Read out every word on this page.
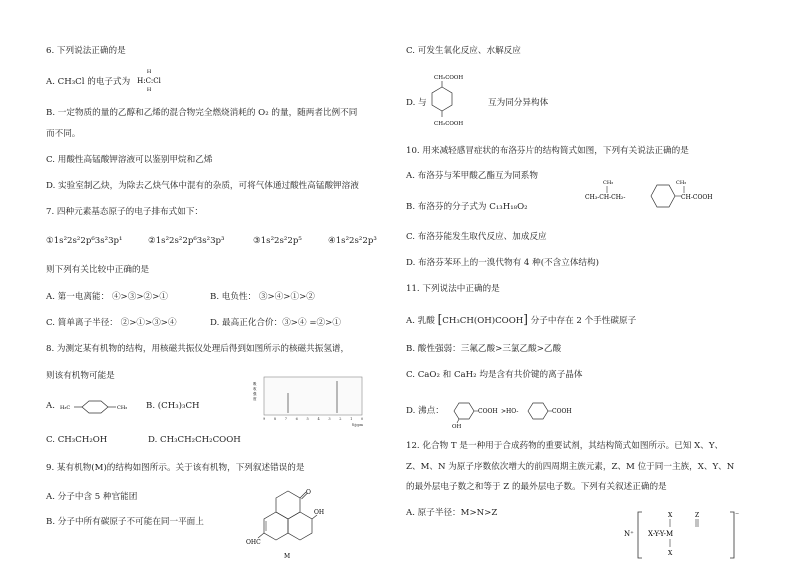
6. 下列说法正确的是
A. CH₃Cl 的电子式为
H
H:C:Cl
H
B. 一定物质的量的乙醇和乙烯的混合物完全燃烧消耗的 O₂ 的量，随两者比例不同
而不同。
C. 用酸性高锰酸钾溶液可以鉴别甲烷和乙烯
D. 实验室制乙炔，为除去乙炔气体中混有的杂质，可将气体通过酸性高锰酸钾溶液
7. 四种元素基态原子的电子排布式如下：
①1s²2s²2p⁶3s²3p¹	②1s²2s²2p⁶3s²3p³	③1s²2s²2p⁵	④1s²2s²2p³
则下列有关比较中正确的是
A. 第一电离能： ④>③>②>①	B. 电负性： ③>④>①>②
C. 简单离子半径： ②>①>③>④	D. 最高正化合价：③>④ =②>①
8. 为测定某有机物的结构，用核磁共振仪处理后得到如图所示的核磁共振氢谱，
则该有机物可能是
A. H₃C	CH₃ B. (CH₃)₃CH
C. CH₃CH₂OH	D. CH₃CH₂CH₂COOH
吸
收
强
度
9 8 7 6 5 4 3 2 1 0
δ/ppm
9. 某有机物(M)的结构如图所示。关于该有机物，下列叙述错误的是
A. 分子中含 5 种官能团
B. 分子中所有碳原子不可能在同一平面上
O
OH
OHC
M
C. 可发生氧化反应、水解反应
D. 与
CH₂COOH
CH₂COOH
互为同分异构体
10. 用来减轻感冒症状的布洛芬片的结构简式如图，下列有关说法正确的是
A. 布洛芬与苯甲酸乙酯互为同系物
B. 布洛芬的分子式为 C₁₃H₁₈O₂
C. 布洛芬能发生取代反应、加成反应
D. 布洛芬苯环上的一溴代物有 4 种(不含立体结构)
CH₃
CH₃-CH-CH₂-
CH₃
CH-COOH
11. 下列说法中正确的是
A. 乳酸 [CH₃CH(OH)COOH] 分子中存在 2 个手性碳原子
B. 酸性强弱：三氟乙酸>三氯乙酸>乙酸
C. CaO₂ 和 CaH₂ 均是含有共价键的离子晶体
D. 沸点：	COOH
OH
>HO-	COOH
12. 化合物 T 是一种用于合成药物的重要试剂，其结构简式如图所示。已知 X、Y、
Z、M、N 为原子序数依次增大的前四周期主族元素，Z、M 位于同一主族，X、Y、N
的最外层电子数之和等于 Z 的最外层电子数。下列有关叙述正确的是
A. 原子半径：M>N>Z
N⁺
⁻
X	Z
X-Y-Y-M
X
